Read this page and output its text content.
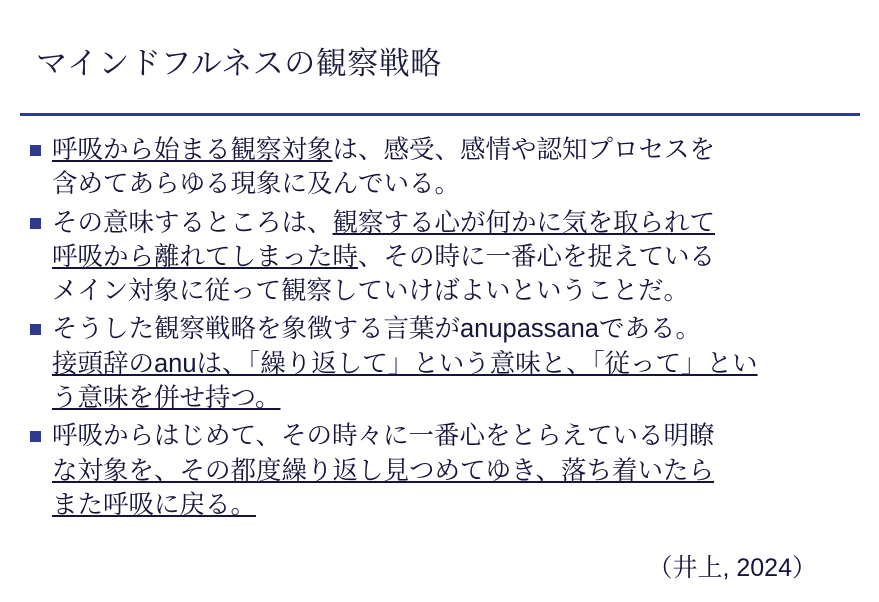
マインドフルネスの観察戦略
呼吸から始まる観察対象は、感受、感情や認知プロセスを
含めてあらゆる現象に及んでいる。
その意味するところは、観察する心が何かに気を取られて
呼吸から離れてしまった時、その時に一番心を捉えている
メイン対象に従って観察していけばよいということだ。
そうした観察戦略を象徴する言葉がanupassanaである。
接頭辞のanuは、「繰り返して」という意味と、「従って」とい
う意味を併せ持つ。
呼吸からはじめて、その時々に一番心をとらえている明瞭
な対象を、その都度繰り返し見つめてゆき、落ち着いたら
また呼吸に戻る。
（井上, 2024）
